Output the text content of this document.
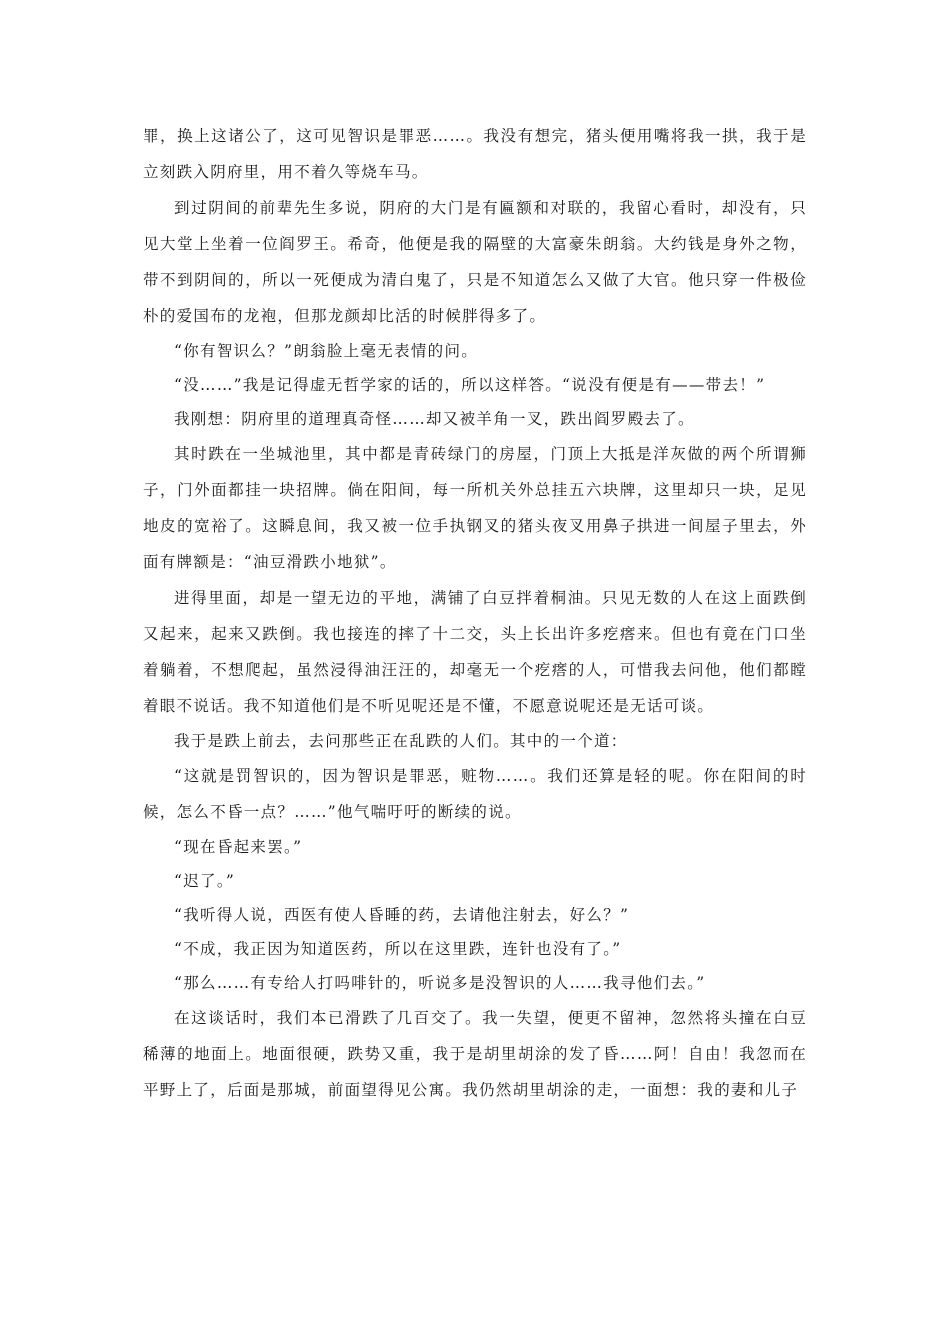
罪，换上这诸公了，这可见智识是罪恶……。我没有想完，猪头便用嘴将我一拱，我于是立刻跌入阴府里，用不着久等烧车马。

到过阴间的前辈先生多说，阴府的大门是有匾额和对联的，我留心看时，却没有，只见大堂上坐着一位阎罗王。希奇，他便是我的隔壁的大富豪朱朗翁。大约钱是身外之物，带不到阴间的，所以一死便成为清白鬼了，只是不知道怎么又做了大官。他只穿一件极俭朴的爱国布的龙袍，但那龙颜却比活的时候胖得多了。

“你有智识么？”朗翁脸上毫无表情的问。

“没……”我是记得虚无哲学家的话的，所以这样答。“说没有便是有——带去！”

我刚想：阴府里的道理真奇怪……却又被羊角一叉，跌出阎罗殿去了。

其时跌在一坐城池里，其中都是青砖绿门的房屋，门顶上大抵是洋灰做的两个所谓狮子，门外面都挂一块招牌。倘在阳间，每一所机关外总挂五六块牌，这里却只一块，足见地皮的宽裕了。这瞬息间，我又被一位手执钢叉的猪头夜叉用鼻子拱进一间屋子里去，外面有牌额是：“油豆滑跌小地狱”。

进得里面，却是一望无边的平地，满铺了白豆拌着桐油。只见无数的人在这上面跌倒又起来，起来又跌倒。我也接连的摔了十二交，头上长出许多疙瘩来。但也有竟在门口坐着躺着，不想爬起，虽然浸得油汪汪的，却毫无一个疙瘩的人，可惜我去问他，他们都瞠着眼不说话。我不知道他们是不听见呢还是不懂，不愿意说呢还是无话可谈。

我于是跌上前去，去问那些正在乱跌的人们。其中的一个道：

“这就是罚智识的，因为智识是罪恶，赃物……。我们还算是轻的呢。你在阳间的时候，怎么不昏一点？……”他气喘吁吁的断续的说。

“现在昏起来罢。”

“迟了。”

“我听得人说，西医有使人昏睡的药，去请他注射去，好么？”

“不成，我正因为知道医药，所以在这里跌，连针也没有了。”

“那么……有专给人打吗啡针的，听说多是没智识的人……我寻他们去。”

在这谈话时，我们本已滑跌了几百交了。我一失望，便更不留神，忽然将头撞在白豆稀薄的地面上。地面很硬，跌势又重，我于是胡里胡涂的发了昏……阿！自由！我忽而在平野上了，后面是那城，前面望得见公寓。我仍然胡里胡涂的走，一面想：我的妻和儿子
